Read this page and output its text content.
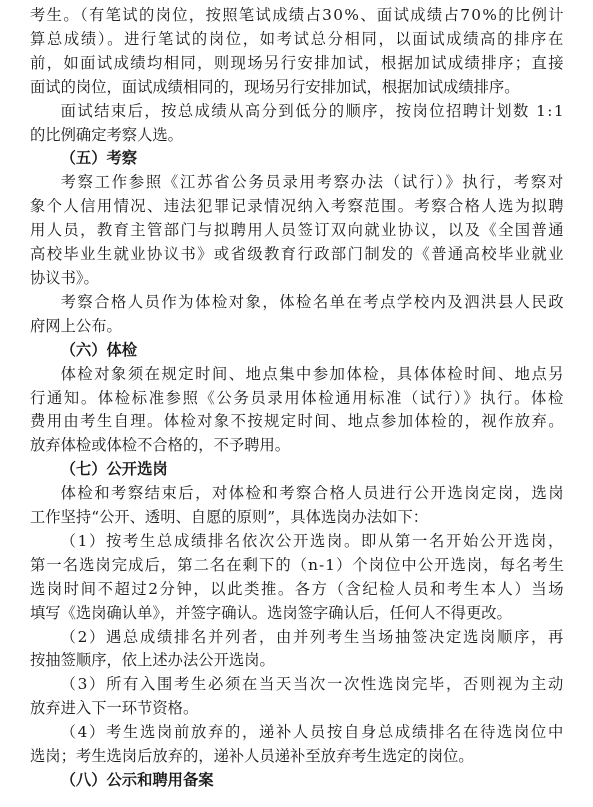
考生。（有笔试的岗位，按照笔试成绩占30%、面试成绩占70%的比例计
算总成绩）。进行笔试的岗位，如考试总分相同，以面试成绩高的排序在
前，如面试成绩均相同，则现场另行安排加试，根据加试成绩排序；直接
面试的岗位，面试成绩相同的，现场另行安排加试，根据加试成绩排序。
面试结束后，按总成绩从高分到低分的顺序，按岗位招聘计划数 1:1
的比例确定考察人选。
（五）考察
考察工作参照《江苏省公务员录用考察办法（试行）》执行，考察对
象个人信用情况、违法犯罪记录情况纳入考察范围。考察合格人选为拟聘
用人员，教育主管部门与拟聘用人员签订双向就业协议，以及《全国普通
高校毕业生就业协议书》或省级教育行政部门制发的《普通高校毕业就业
协议书》。
考察合格人员作为体检对象，体检名单在考点学校内及泗洪县人民政
府网上公布。
（六）体检
体检对象须在规定时间、地点集中参加体检，具体体检时间、地点另
行通知。体检标准参照《公务员录用体检通用标准（试行）》执行。体检
费用由考生自理。体检对象不按规定时间、地点参加体检的，视作放弃。
放弃体检或体检不合格的，不予聘用。
（七）公开选岗
体检和考察结束后，对体检和考察合格人员进行公开选岗定岗，选岗
工作坚持“公开、透明、自愿的原则”，具体选岗办法如下：
（1）按考生总成绩排名依次公开选岗。即从第一名开始公开选岗，
第一名选岗完成后，第二名在剩下的（n-1）个岗位中公开选岗，每名考生
选岗时间不超过2分钟，以此类推。各方（含纪检人员和考生本人）当场
填写《选岗确认单》，并签字确认。选岗签字确认后，任何人不得更改。
（2）遇总成绩排名并列者，由并列考生当场抽签决定选岗顺序，再
按抽签顺序，依上述办法公开选岗。
（3）所有入围考生必须在当天当次一次性选岗完毕，否则视为主动
放弃进入下一环节资格。
（4）考生选岗前放弃的，递补人员按自身总成绩排名在待选岗位中
选岗；考生选岗后放弃的，递补人员递补至放弃考生选定的岗位。
（八）公示和聘用备案
